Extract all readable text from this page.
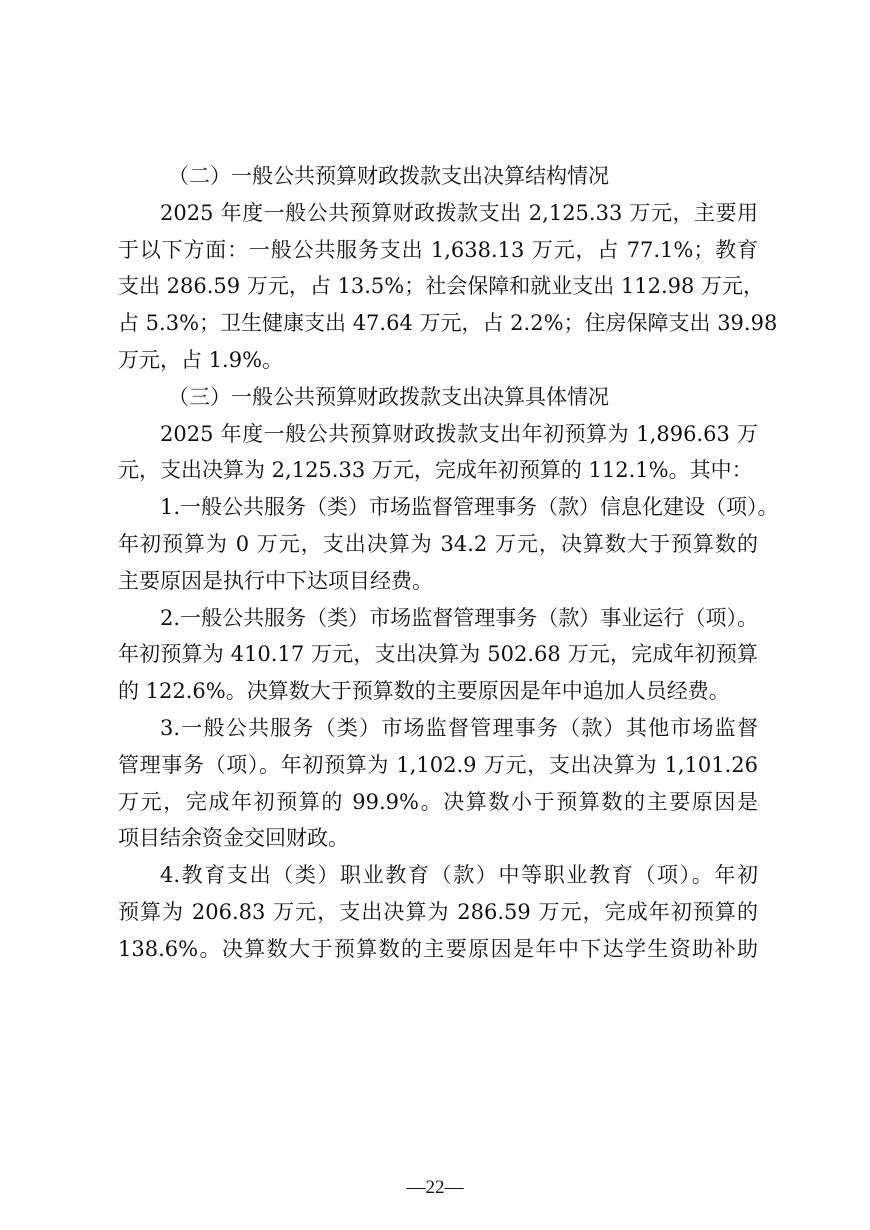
（二）一般公共预算财政拨款支出决算结构情况

2025 年度一般公共预算财政拨款支出 2,125.33 万元，主要用

于以下方面：一般公共服务支出 1,638.13 万元，占 77.1%；教育

支出 286.59 万元，占 13.5%；社会保障和就业支出 112.98 万元，

占 5.3%；卫生健康支出 47.64 万元，占 2.2%；住房保障支出 39.98

万元，占 1.9%。

（三）一般公共预算财政拨款支出决算具体情况

2025 年度一般公共预算财政拨款支出年初预算为 1,896.63 万

元，支出决算为 2,125.33 万元，完成年初预算的 112.1%。其中：

1.一般公共服务（类）市场监督管理事务（款）信息化建设（项）。

年初预算为 0 万元，支出决算为 34.2 万元，决算数大于预算数的

主要原因是执行中下达项目经费。

2.一般公共服务（类）市场监督管理事务（款）事业运行（项）。

年初预算为 410.17 万元，支出决算为 502.68 万元，完成年初预算

的 122.6%。决算数大于预算数的主要原因是年中追加人员经费。

3.一般公共服务（类）市场监督管理事务（款）其他市场监督

管理事务（项）。年初预算为 1,102.9 万元，支出决算为 1,101.26

万元，完成年初预算的 99.9%。决算数小于预算数的主要原因是

项目结余资金交回财政。

4.教育支出（类）职业教育（款）中等职业教育（项）。年初

预算为 206.83 万元，支出决算为 286.59 万元，完成年初预算的

138.6%。决算数大于预算数的主要原因是年中下达学生资助补助

—22—
